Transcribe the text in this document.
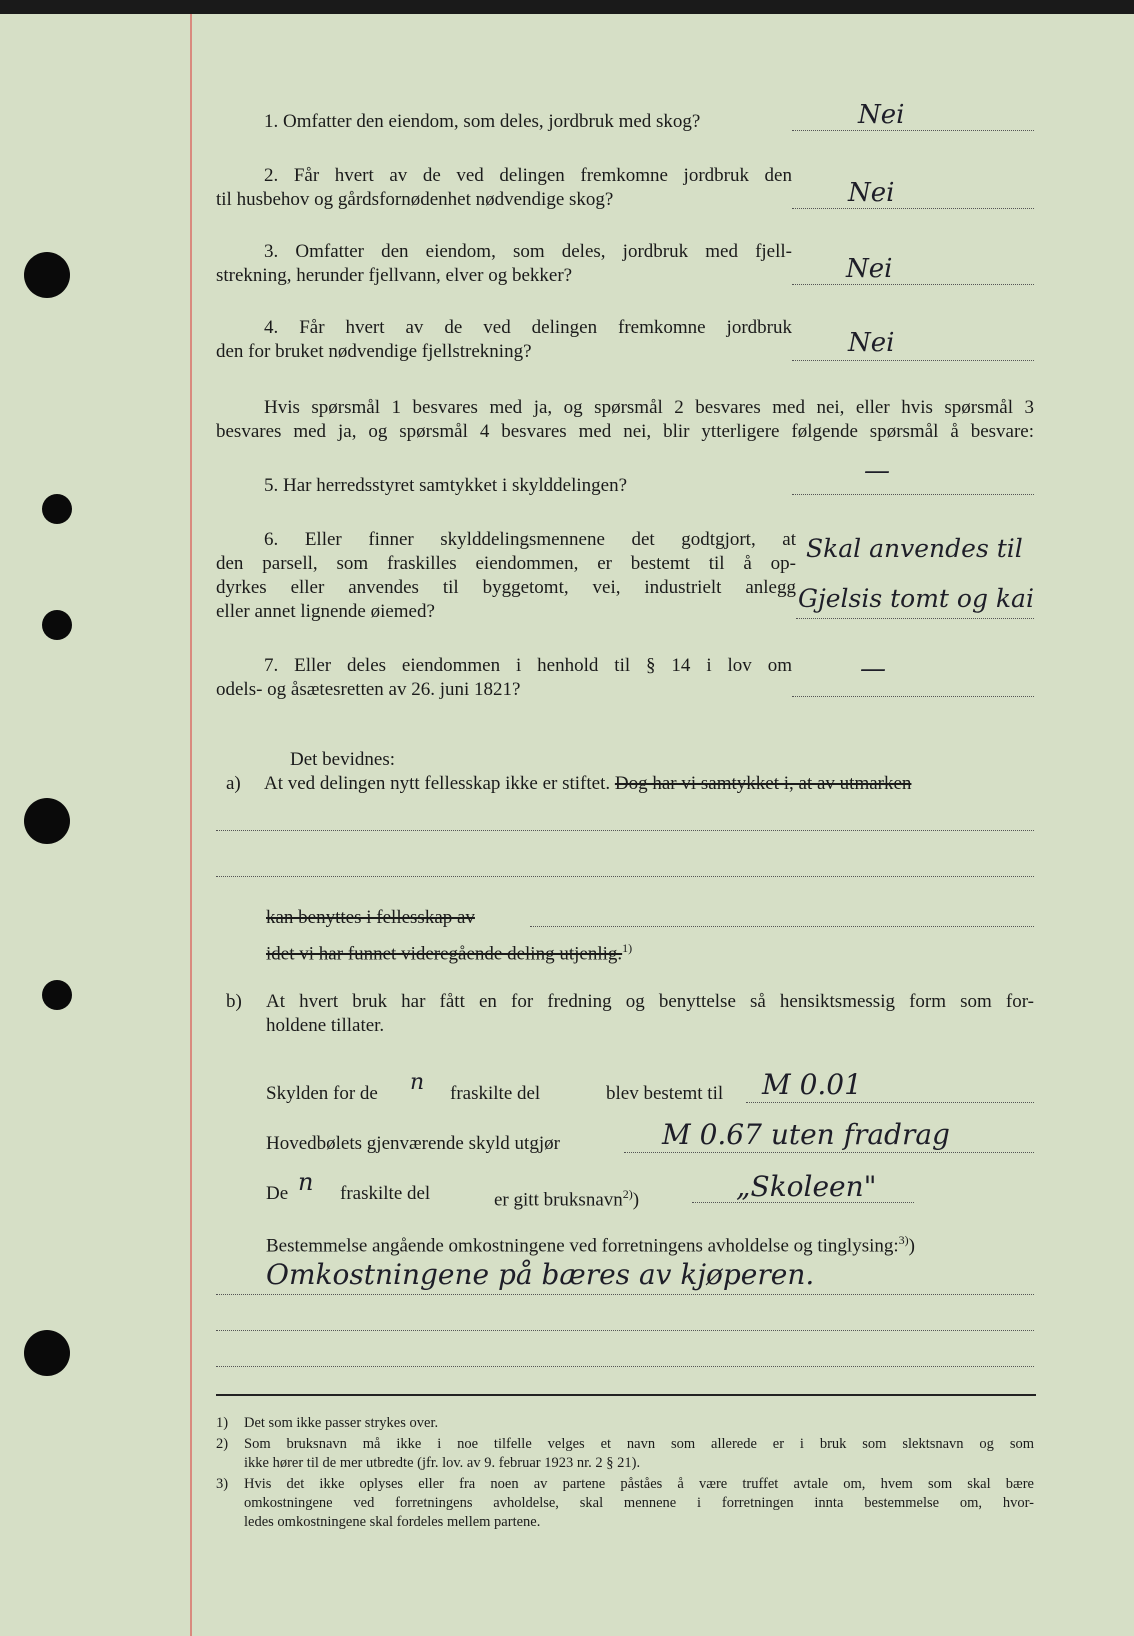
1. Omfatter den eiendom, som deles, jordbruk med skog?	Nei
2. Får hvert av de ved delingen fremkomne jordbruk den
til husbehov og gårdsfornødenhet nødvendige skog?	Nei
3. Omfatter den eiendom, som deles, jordbruk med fjell-
strekning, herunder fjellvann, elver og bekker?	Nei
4. Får hvert av de ved delingen fremkomne jordbruk
den for bruket nødvendige fjellstrekning?	Nei
Hvis spørsmål 1 besvares med ja, og spørsmål 2 besvares med nei, eller hvis spørsmål 3
besvares med ja, og spørsmål 4 besvares med nei, blir ytterligere følgende spørsmål å besvare:
5. Har herredsstyret samtykket i skylddelingen?	—
6. Eller finner skylddelingsmennene det godtgjort, at
den parsell, som fraskilles eiendommen, er bestemt til å op-
dyrkes eller anvendes til byggetomt, vei, industrielt anlegg
eller annet lignende øiemed?
Skal anvendes til
Gjelsis tomt og kai
7. Eller deles eiendommen i henhold til § 14 i lov om
odels- og åsætesretten av 26. juni 1821?
—
Det bevidnes:
a) At ved delingen nytt fellesskap ikke er stiftet. Dog har vi samtykket i, at av utmarken
kan benyttes i fellesskap av
idet vi har funnet videregående deling utjenlig.$^{1)}$
b) At hvert bruk har fått en for fredning og benyttelse så hensiktsmessig form som for-
holdene tillater.
Skylden for de n fraskilte del	blev bestemt til M 0.01
Hovedbølets gjenværende skyld utgjør	M 0.67 uten fradrag
De n fraskilte del	er gitt bruksnavn$^{2)}$)	„Skoleen"
Bestemmelse angående omkostningene ved forretningens avholdelse og tinglysing:$^{3)}$)
Omkostningene på bæres av kjøperen.
1) Det som ikke passer strykes over.
2) Som bruksnavn må ikke i noe tilfelle velges et navn som allerede er i bruk som slektsnavn og som
ikke hører til de mer utbredte (jfr. lov. av 9. februar 1923 nr. 2 § 21).
3) Hvis det ikke oplyses eller fra noen av partene påståes å være truffet avtale om, hvem som skal bære
omkostningene ved forretningens avholdelse, skal mennene i forretningen innta bestemmelse om, hvor-
ledes omkostningene skal fordeles mellem partene.
